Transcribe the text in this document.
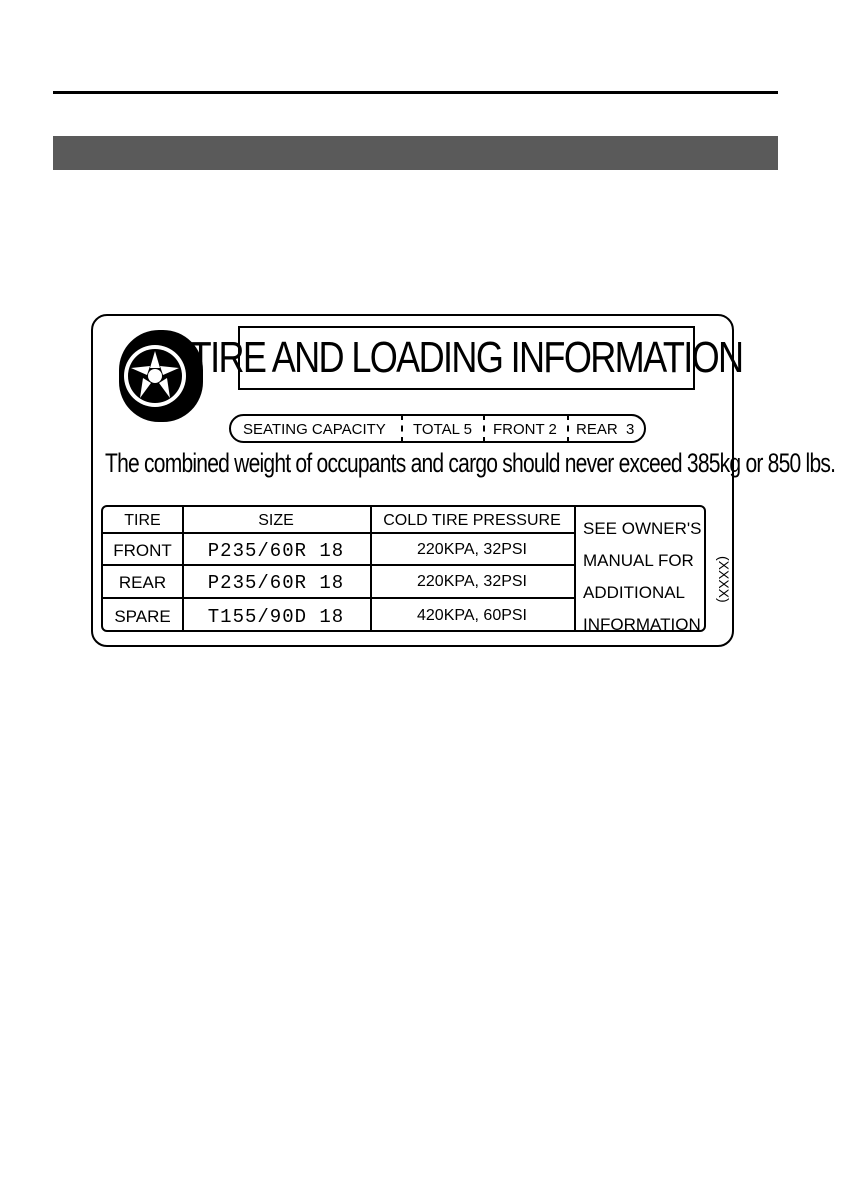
TIRE AND LOADING INFORMATION
SEATING CAPACITY TOTAL 5 FRONT 2 REAR  3
The combined weight of occupants and cargo should never exceed 385kg or 850 lbs.
TIRE	SIZE	COLD TIRE PRESSURE
FRONT	P235/60R 18	220KPA, 32PSI
REAR	P235/60R 18	220KPA, 32PSI
SPARE	T155/90D 18	420KPA, 60PSI
SEE OWNER'S
MANUAL FOR
ADDITIONAL
INFORMATION
(XXXX)
